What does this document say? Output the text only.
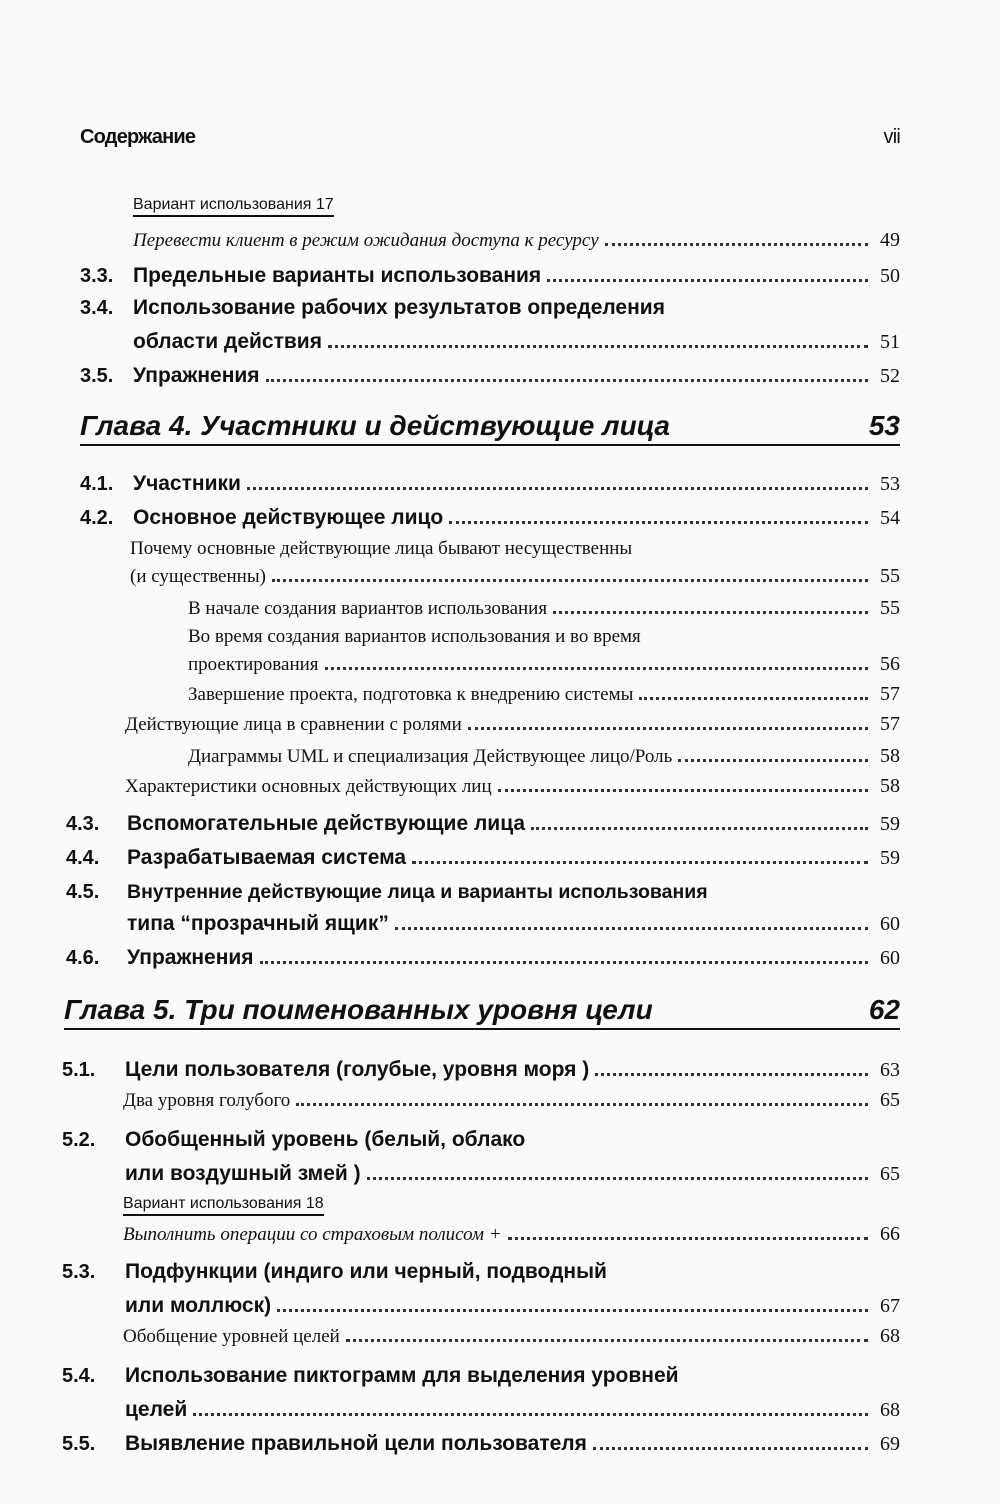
Содержание	vii
Вариант использования 17
Перевести клиент в режим ожидания доступа к ресурсу	49
3.3. Предельные варианты использования	50
3.4. Использование рабочих результатов определения
области действия	51
3.5. Упражнения	52
Глава 4. Участники и действующие лица	53
4.1. Участники	53
4.2. Основное действующее лицо	54
Почему основные действующие лица бывают несущественны
(и существенны)	55
В начале создания вариантов использования	55
Во время создания вариантов использования и во время
проектирования	56
Завершение проекта, подготовка к внедрению системы	57
Действующие лица в сравнении с ролями	57
Диаграммы UML и специализация Действующее лицо/Роль	58
Характеристики основных действующих лиц	58
4.3. Вспомогательные действующие лица	59
4.4. Разрабатываемая система	59
4.5. Внутренние действующие лица и варианты использования
типа “прозрачный ящик”	60
4.6. Упражнения	60
Глава 5. Три поименованных уровня цели	62
5.1. Цели пользователя (голубые, уровня моря )	63
Два уровня голубого	65
5.2. Обобщенный уровень (белый, облако
или воздушный змей )	65
Вариант использования 18
Выполнить операции со страховым полисом +	66
5.3. Подфункции (индиго или черный, подводный
или моллюск)	67
Обобщение уровней целей	68
5.4. Использование пиктограмм для выделения уровней
целей	68
5.5. Выявление правильной цели пользователя	69
